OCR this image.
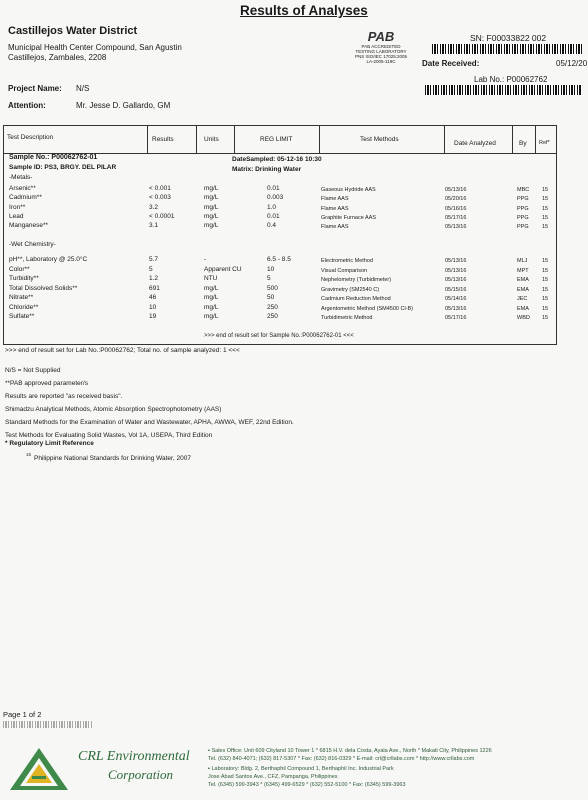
Results of Analyses
Castillejos Water District
Municipal Health Center Compound, San Agustin
Castillejos, Zambales, 2208
PAB
PAB ACCREDITED
TESTING LABORATORY
PNS ISO/IEC 17025:2005
LA-2005-119C
SN: F00033822 002
Date Received:	05/12/20
Lab No.: P00062762
Project Name: N/S
Attention:	Mr. Jesse D. Gallardo, GM
Test Description	Results	Units	REG LIMIT	Test Methods
Date Analyzed	By Ref*
Sample No.: P00062762-01
Sample ID: PS3, BRGY. DEL PILAR
DateSampled: 05-12-16 10:30
Matrix: Drinking Water
-Metals-
Arsenic**	< 0.001	mg/L	0.01	Gaseous Hydride AAS	05/13/16	MBC 15
Cadmium**	< 0.003	mg/L	0.003	Flame AAS	05/20/16	PPG 15
Iron**	3.2	mg/L	1.0	Flame AAS	05/16/16	PPG 15
Lead	< 0.0001	mg/L	0.01	Graphite Furnace AAS	05/17/16	PPG 15
Manganese**	3.1	mg/L	0.4	Flame AAS	05/13/16	PPG 15
-Wet Chemistry-
pH**, Laboratory @ 25.0°C	5.7	-	6.5 - 8.5	Electrometric Method	05/13/16	MLJ	15
Color**	5	Apparent CU	10	Visual Comparison	05/13/16	MPT 15
Turbidity**	1.2	NTU	5	Nephelometry (Turbidimeter)	05/13/16	EMA 15
Total Dissolved Solids**	691	mg/L	500	Gravimetry (SM2540 C)	05/15/16	EMA 15
Nitrate**	46	mg/L	50	Cadmium Reduction Method	05/14/16	JEC	15
Chloride**	10	mg/L	250	Argentometric Method (SM4500 Cl-B)	05/13/16	EMA 15
Sulfate**	19	mg/L	250	Turbidimetric Method	05/17/16	WBD 15
>>> end of result set for Sample No.:P00062762-01 <<<
>>> end of result set for Lab No.:P00062762; Total no. of sample analyzed: 1 <<<
N/S = Not Supplied
**PAB approved parameter/s
Results are reported "as received basis".
Shimadzu Analytical Methods, Atomic Absorption Spectrophotometry (AAS)
Standard Methods for the Examination of Water and Wastewater, APHA, AWWA, WEF, 22nd Edition.
Test Methods for Evaluating Solid Wastes, Vol 1A, USEPA, Third Edition
* Regulatory Limit Reference
15
Philippine National Standards for Drinking Water, 2007
Page 1 of 2
CRL Environmental
Corporation
▪ Sales Office: Unit 609 Cityland 10 Tower 1 * 6815 H.V. dela Costa, Ayala Ave., North * Makati City, Philippines 1226
Tel. (632) 840-4071; (632) 817-5307 * Fax: (632) 816-0329 * E-mail: crl@crllabs.com * http://www.crllabs.com
▪ Laboratory: Bldg. 2, Berthaphil Compound 1, Berthaphil Inc. Industrial Park
Jose Abad Santos Ave., CFZ, Pampanga, Philippines
Tel. (6345) 599-3943 * (6345) 499-6529 * (632) 552-5100 * Fax: (6345) 599-3963
